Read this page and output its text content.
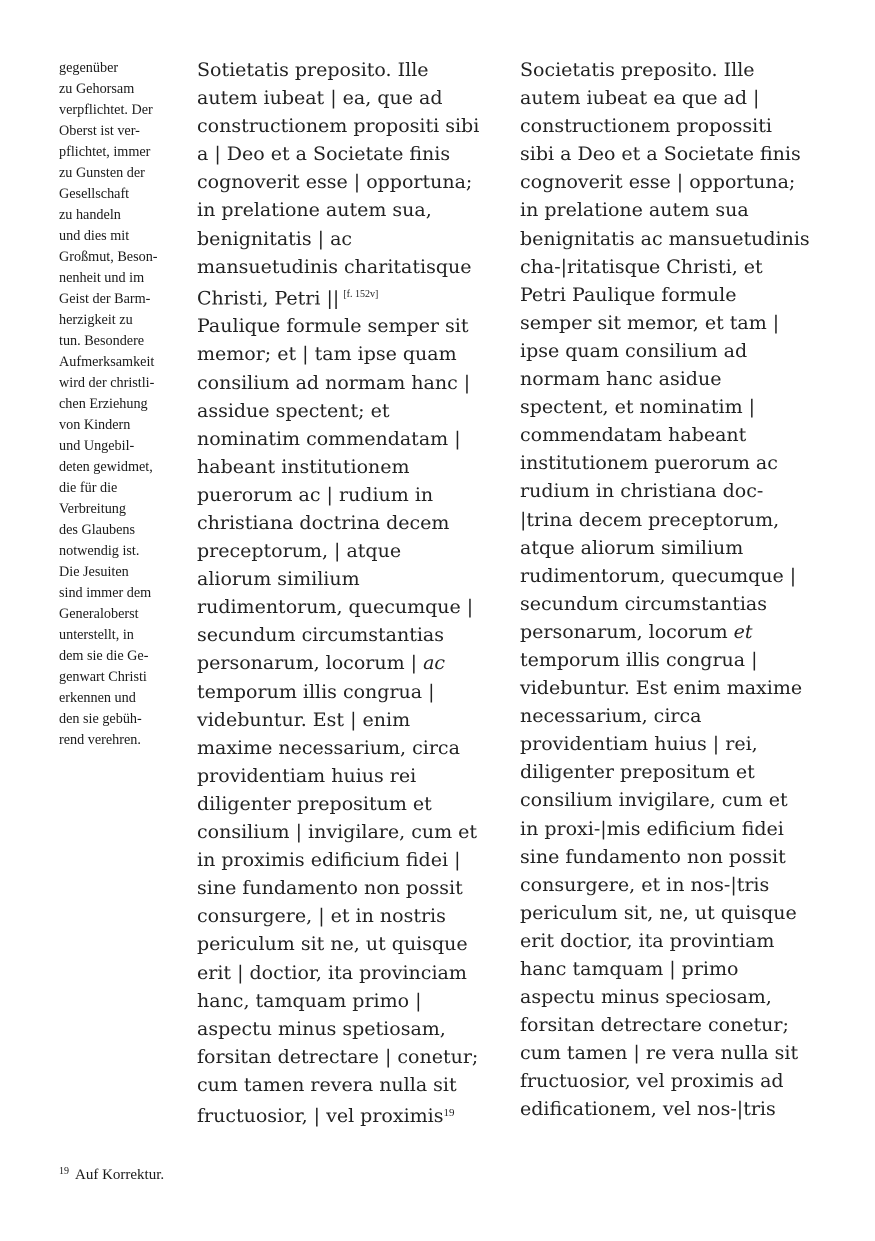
gegenüber
zu Gehorsam
verpflichtet. Der
Oberst ist ver-
pflichtet, immer
zu Gunsten der
Gesellschaft
zu handeln
und dies mit
Großmut, Beson-
nenheit und im
Geist der Barm-
herzigkeit zu
tun. Besondere
Aufmerksamkeit
wird der christli-
chen Erziehung
von Kindern
und Ungebil-
deten gewidmet,
die für die
Verbreitung
des Glaubens
notwendig ist.
Die Jesuiten
sind immer dem
Generaloberst
unterstellt, in
dem sie die Ge-
genwart Christi
erkennen und
den sie gebüh-
rend verehren.
Sotietatis preposito. Ille
autem iubeat | ea, que ad
constructionem propositi sibi
a | Deo et a Societate finis
cognoverit esse | opportuna;
in prelatione autem sua,
benignitatis | ac
mansuetudinis charitatisque
Christi, Petri || [f. 152v]
Paulique formule semper sit
memor; et | tam ipse quam
consilium ad normam hanc |
assidue spectent; et
nominatim commendatam |
habeant institutionem
puerorum ac | rudium in
christiana doctrina decem
preceptorum, | atque
aliorum similium
rudimentorum, quecumque |
secundum circumstantias
personarum, locorum | ac
temporum illis congrua |
videbuntur. Est | enim
maxime necessarium, circa
providentiam huius rei
diligenter prepositum et
consilium | invigilare, cum et
in proximis edificium fidei |
sine fundamento non possit
consurgere, | et in nostris
periculum sit ne, ut quisque
erit | doctior, ita provinciam
hanc, tamquam primo |
aspectu minus spetiosam,
forsitan detrectare | conetur;
cum tamen revera nulla sit
fructuosior, | vel proximis$^{19}$
Societatis preposito. Ille
autem iubeat ea que ad |
constructionem propossiti
sibi a Deo et a Societate finis
cognoverit esse | opportuna;
in prelatione autem sua
benignitatis ac mansuetudinis
cha-|ritatisque Christi, et
Petri Paulique formule
semper sit memor, et tam |
ipse quam consilium ad
normam hanc asidue
spectent, et nominatim |
commendatam habeant
institutionem puerorum ac
rudium in christiana doc-
|trina decem preceptorum,
atque aliorum similium
rudimentorum, quecumque |
secundum circumstantias
personarum, locorum et
temporum illis congrua |
videbuntur. Est enim maxime
necessarium, circa
providentiam huius | rei,
diligenter prepositum et
consilium invigilare, cum et
in proxi-|mis edificium fidei
sine fundamento non possit
consurgere, et in nos-|tris
periculum sit, ne, ut quisque
erit doctior, ita provintiam
hanc tamquam | primo
aspectu minus speciosam,
forsitan detrectare conetur;
cum tamen | re vera nulla sit
fructuosior, vel proximis ad
edificationem, vel nos-|tris
$^{19}$ Auf Korrektur.
